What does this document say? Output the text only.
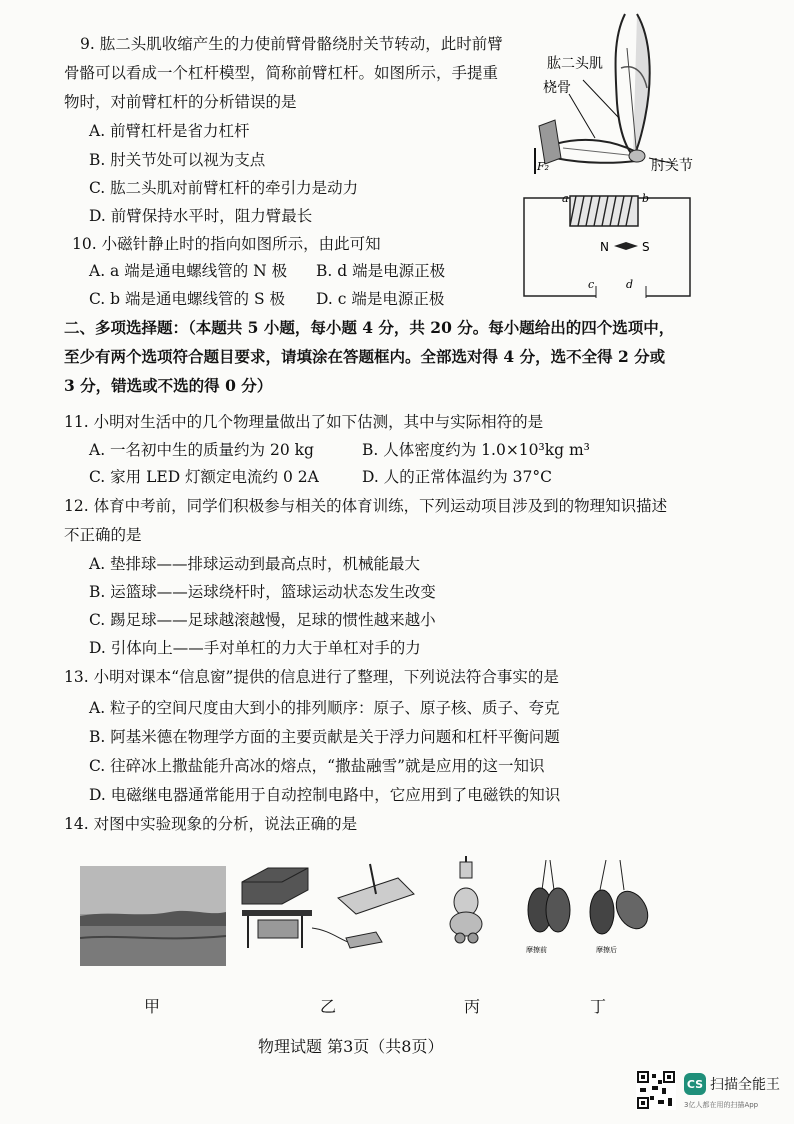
9. 肱二头肌收缩产生的力使前臂骨骼绕肘关节转动，此时前臂
骨骼可以看成一个杠杆模型，简称前臂杠杆。如图所示，手提重
物时，对前臂杠杆的分析错误的是
A. 前臂杠杆是省力杠杆
B. 肘关节处可以视为支点
C. 肱二头肌对前臂杠杆的牵引力是动力
D. 前臂保持水平时，阻力臂最长
10. 小磁针静止时的指向如图所示，由此可知
A. a 端是通电螺线管的 N 极 B. d 端是电源正极
C. b 端是通电螺线管的 S 极 D. c 端是电源正极
二、多项选择题：（本题共 5 小题，每小题 4 分，共 20 分。每小题给出的四个选项中，
至少有两个选项符合题目要求，请填涂在答题框内。全部选对得 4 分，选不全得 2 分或
3 分，错选或不选的得 0 分）
11. 小明对生活中的几个物理量做出了如下估测，其中与实际相符的是
A. 一名初中生的质量约为 20 kg	B. 人体密度约为 1.0×10³kg m³
C. 家用 LED 灯额定电流约 0 2A	D. 人的正常体温约为 37°C
12. 体育中考前，同学们积极参与相关的体育训练，下列运动项目涉及到的物理知识描述
不正确的是
A. 垫排球——排球运动到最高点时，机械能最大
B. 运篮球——运球绕杆时，篮球运动状态发生改变
C. 踢足球——足球越滚越慢，足球的惯性越来越小
D. 引体向上——手对单杠的力大于单杠对手的力
13. 小明对课本“信息窗”提供的信息进行了整理，下列说法符合事实的是
A. 粒子的空间尺度由大到小的排列顺序：原子、原子核、质子、夸克
B. 阿基米德在物理学方面的主要贡献是关于浮力问题和杠杆平衡问题
C. 往碎冰上撒盐能升高冰的熔点，“撒盐融雪”就是应用的这一知识
D. 电磁继电器通常能用于自动控制电路中，它应用到了电磁铁的知识
14. 对图中实验现象的分析，说法正确的是
肱二头肌
桡骨
肘关节
F₂
a	b
N	S
c	d
摩擦前	摩擦后
甲	乙	丙	丁
物理试题 第3页（共8页）
CS 扫描全能王
3亿人都在用的扫描App
